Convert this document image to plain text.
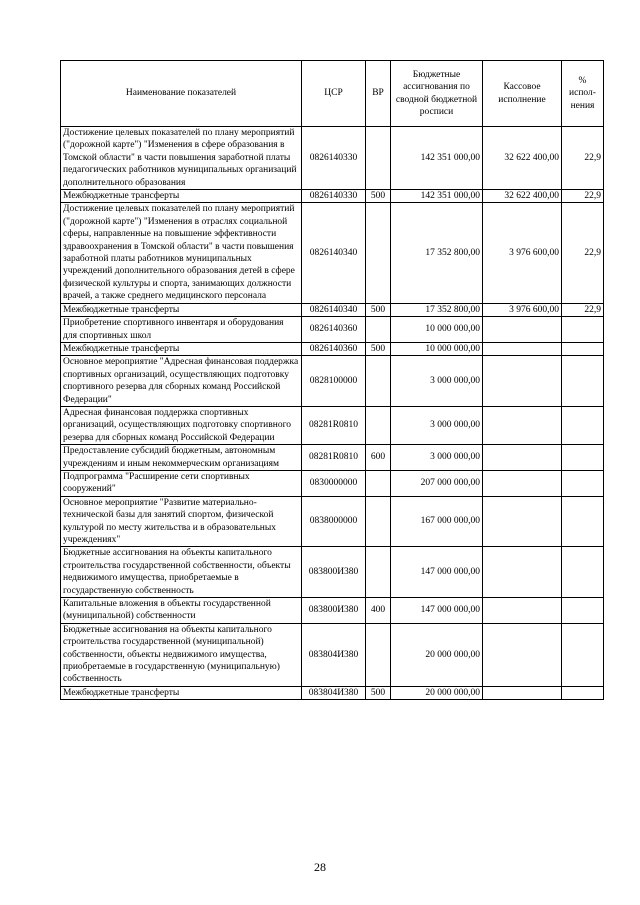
Наименование показателей	ЦСР	ВР	Бюджетные ассигнования по сводной бюджетной росписи	Кассовое исполнение	% испол-нения
Достижение целевых показателей по плану мероприятий ("дорожной карте") "Изменения в сфере образования в Томской области" в части повышения заработной платы педагогических работников муниципальных организаций дополнительного образования	0826140330		142 351 000,00	32 622 400,00	22,9
Межбюджетные трансферты	0826140330	500	142 351 000,00	32 622 400,00	22,9
Достижение целевых показателей по плану мероприятий ("дорожной карте") "Изменения в отраслях социальной сферы, направленные на повышение эффективности здравоохранения в Томской области" в части повышения заработной платы работников муниципальных учреждений дополнительного образования детей в сфере физической культуры и спорта, занимающих должности врачей, а также среднего медицинского персонала	0826140340		17 352 800,00	3 976 600,00	22,9
Межбюджетные трансферты	0826140340	500	17 352 800,00	3 976 600,00	22,9
Приобретение спортивного инвентаря и оборудования для спортивных школ	0826140360		10 000 000,00		
Межбюджетные трансферты	0826140360	500	10 000 000,00		
Основное мероприятие "Адресная финансовая поддержка спортивных организаций, осуществляющих подготовку спортивного резерва для сборных команд Российской Федерации"	0828100000		3 000 000,00		
Адресная финансовая поддержка спортивных организаций, осуществляющих подготовку спортивного резерва для сборных команд Российской Федерации	08281R0810		3 000 000,00		
Предоставление субсидий бюджетным, автономным учреждениям и иным некоммерческим организациям	08281R0810	600	3 000 000,00		
Подпрограмма "Расширение сети спортивных сооружений"	0830000000		207 000 000,00		
Основное мероприятие "Развитие материально-технической базы для занятий спортом, физической культурой по месту жительства и в образовательных учреждениях"	0838000000		167 000 000,00		
Бюджетные ассигнования на объекты капитального строительства государственной собственности, объекты недвижимого имущества, приобретаемые в государственную собственность	083800И380		147 000 000,00		
Капитальные вложения в объекты государственной (муниципальной) собственности	083800И380	400	147 000 000,00		
Бюджетные ассигнования на объекты капитального строительства государственной (муниципальной) собственности, объекты недвижимого имущества, приобретаемые в государственную (муниципальную) собственность	083804И380		20 000 000,00		
Межбюджетные трансферты	083804И380	500	20 000 000,00		
28
